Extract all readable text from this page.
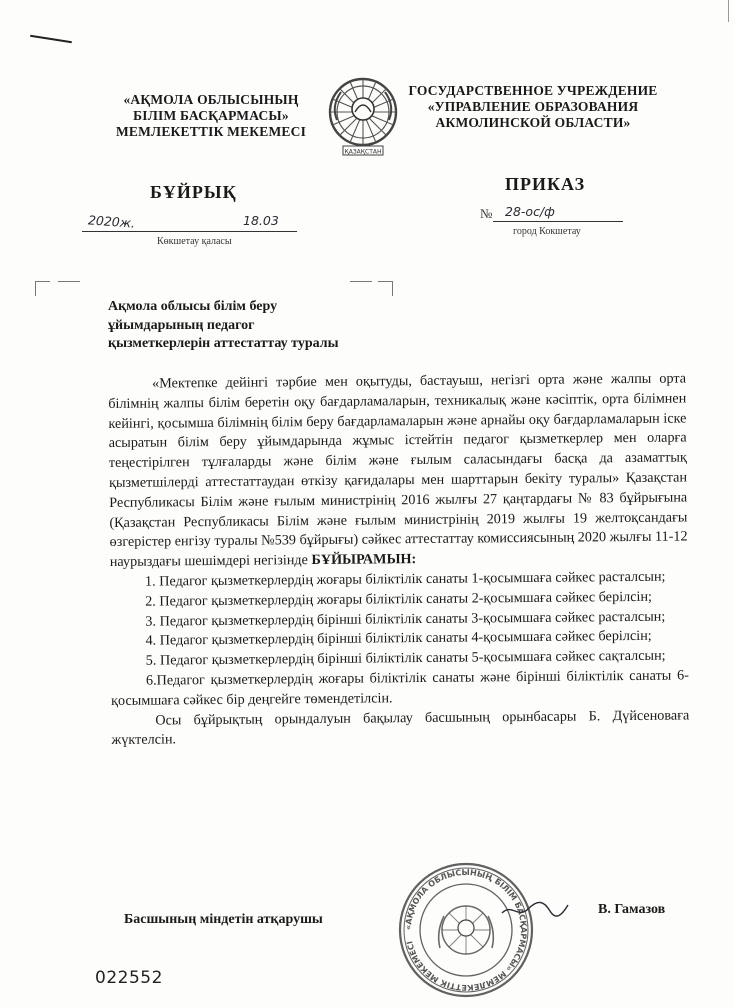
«АҚМОЛА ОБЛЫСЫНЫҢ
БІЛІМ БАСҚАРМАСЫ»
МЕМЛЕКЕТТІК МЕКЕМЕСІ
ҚАЗАҚСТАН
ГОСУДАРСТВЕННОЕ УЧРЕЖДЕНИЕ
«УПРАВЛЕНИЕ ОБРАЗОВАНИЯ
АКМОЛИНСКОЙ ОБЛАСТИ»
БҰЙРЫҚ	ПРИКАЗ
2020ж.	18.03
Көкшетау қаласы
№ 28-ос/ф
город Кокшетау
Ақмола облысы білім беру
ұйымдарының педагог
қызметкерлерін аттестаттау туралы

«Мектепке дейінгі тәрбие мен оқытуды, бастауыш, негізгі орта және жалпы орта білімнің жалпы білім беретін оқу бағдарламаларын, техникалық және кәсіптік, орта білімнен кейінгі, қосымша білімнің білім беру бағдарламаларын және арнайы оқу бағдарламаларын іске асыратын білім беру ұйымдарында жұмыс істейтін педагог қызметкерлер мен оларға теңестірілген тұлғаларды және білім және ғылым саласындағы басқа да азаматтық қызметшілерді аттестаттаудан өткізу қағидалары мен шарттарын бекіту туралы» Қазақстан Республикасы Білім және ғылым министрінің 2016 жылғы 27 қаңтардағы № 83 бұйрығына (Қазақстан Республикасы Білім және ғылым министрінің 2019 жылғы 19 желтоқсандағы өзгерістер енгізу туралы №539 бұйрығы) сәйкес аттестаттау комиссиясының 2020 жылғы 11-12 наурыздағы шешімдері негізінде БҰЙЫРАМЫН:

1. Педагог қызметкерлердің жоғары біліктілік санаты 1-қосымшаға сәйкес расталсын;

2. Педагог қызметкерлердің жоғары біліктілік санаты 2-қосымшаға сәйкес берілсін;

3. Педагог қызметкерлердің бірінші біліктілік санаты 3-қосымшаға сәйкес расталсын;

4. Педагог қызметкерлердің бірінші біліктілік санаты 4-қосымшаға сәйкес берілсін;

5. Педагог қызметкерлердің бірінші біліктілік санаты 5-қосымшаға сәйкес сақталсын;

6.Педагог қызметкерлердің жоғары біліктілік санаты және бірінші біліктілік санаты 6-қосымшаға сәйкес бір деңгейге төмендетілсін.

Осы бұйрықтың орындалуын бақылау басшының орынбасары Б. Дүйсеноваға жүктелсін.

«АҚМОЛА ОБЛЫСЫНЫҢ БІЛІМ БАСҚАРМАСЫ» МЕМЛЕКЕТТІК МЕКЕМЕСІ
Басшының міндетін атқарушы
В. Гамазов
022552
